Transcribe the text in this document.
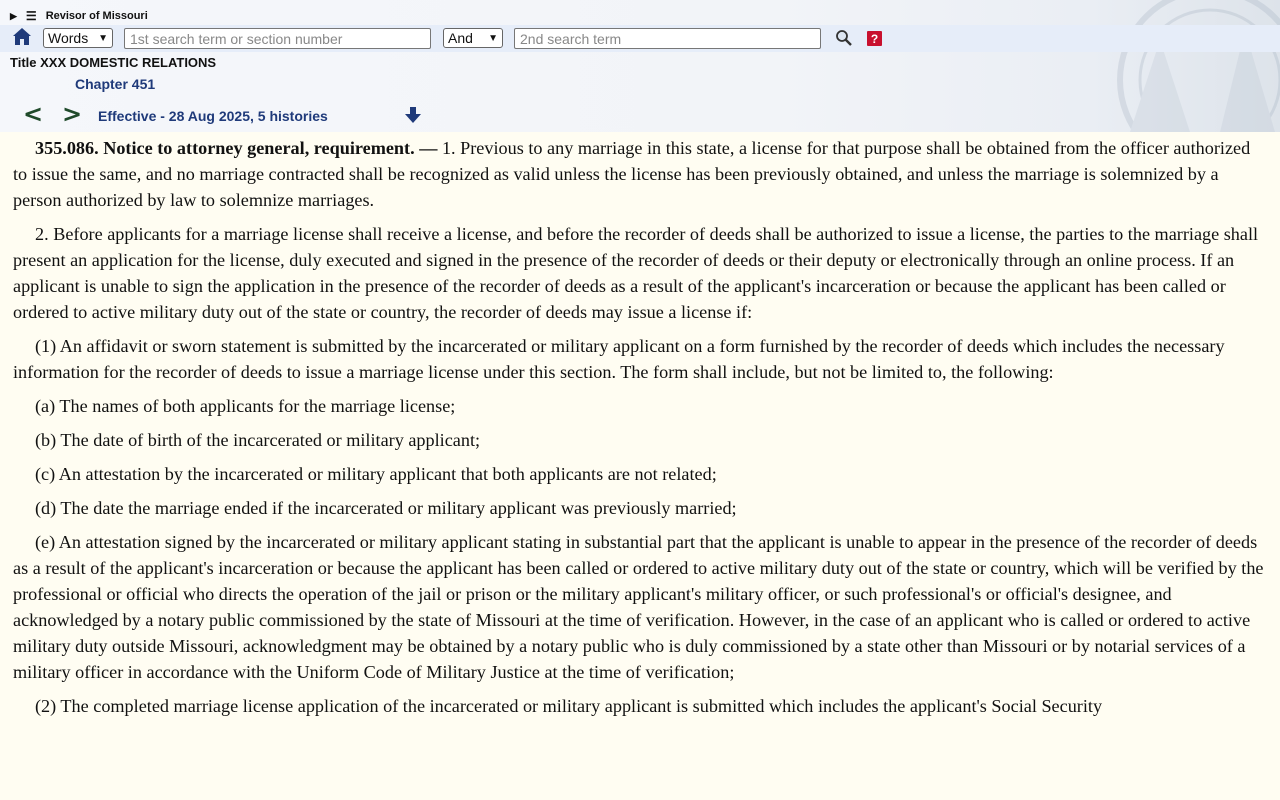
▶ ☰ Revisor of Missouri
Words ▼
1st search term or section number	And ▼
2nd search term	?
Title XXX DOMESTIC RELATIONS
Chapter 451
< > Effective - 28 Aug 2025, 5 histories

355.086. Notice to attorney general, requirement. — 1. Previous to any marriage in this state, a license for that purpose shall be obtained from the officer authorized to issue the same, and no marriage contracted shall be recognized as valid unless the license has been previously obtained, and unless the marriage is solemnized by a person authorized by law to solemnize marriages.

2. Before applicants for a marriage license shall receive a license, and before the recorder of deeds shall be authorized to issue a license, the parties to the marriage shall present an application for the license, duly executed and signed in the presence of the recorder of deeds or their deputy or electronically through an online process. If an applicant is unable to sign the application in the presence of the recorder of deeds as a result of the applicant's incarceration or because the applicant has been called or ordered to active military duty out of the state or country, the recorder of deeds may issue a license if:

(1) An affidavit or sworn statement is submitted by the incarcerated or military applicant on a form furnished by the recorder of deeds which includes the necessary information for the recorder of deeds to issue a marriage license under this section. The form shall include, but not be limited to, the following:

(a) The names of both applicants for the marriage license;

(b) The date of birth of the incarcerated or military applicant;

(c) An attestation by the incarcerated or military applicant that both applicants are not related;

(d) The date the marriage ended if the incarcerated or military applicant was previously married;

(e) An attestation signed by the incarcerated or military applicant stating in substantial part that the applicant is unable to appear in the presence of the recorder of deeds as a result of the applicant's incarceration or because the applicant has been called or ordered to active military duty out of the state or country, which will be verified by the professional or official who directs the operation of the jail or prison or the military applicant's military officer, or such professional's or official's designee, and acknowledged by a notary public commissioned by the state of Missouri at the time of verification. However, in the case of an applicant who is called or ordered to active military duty outside Missouri, acknowledgment may be obtained by a notary public who is duly commissioned by a state other than Missouri or by notarial services of a military officer in accordance with the Uniform Code of Military Justice at the time of verification;

(2) The completed marriage license application of the incarcerated or military applicant is submitted which includes the applicant's Social Security
